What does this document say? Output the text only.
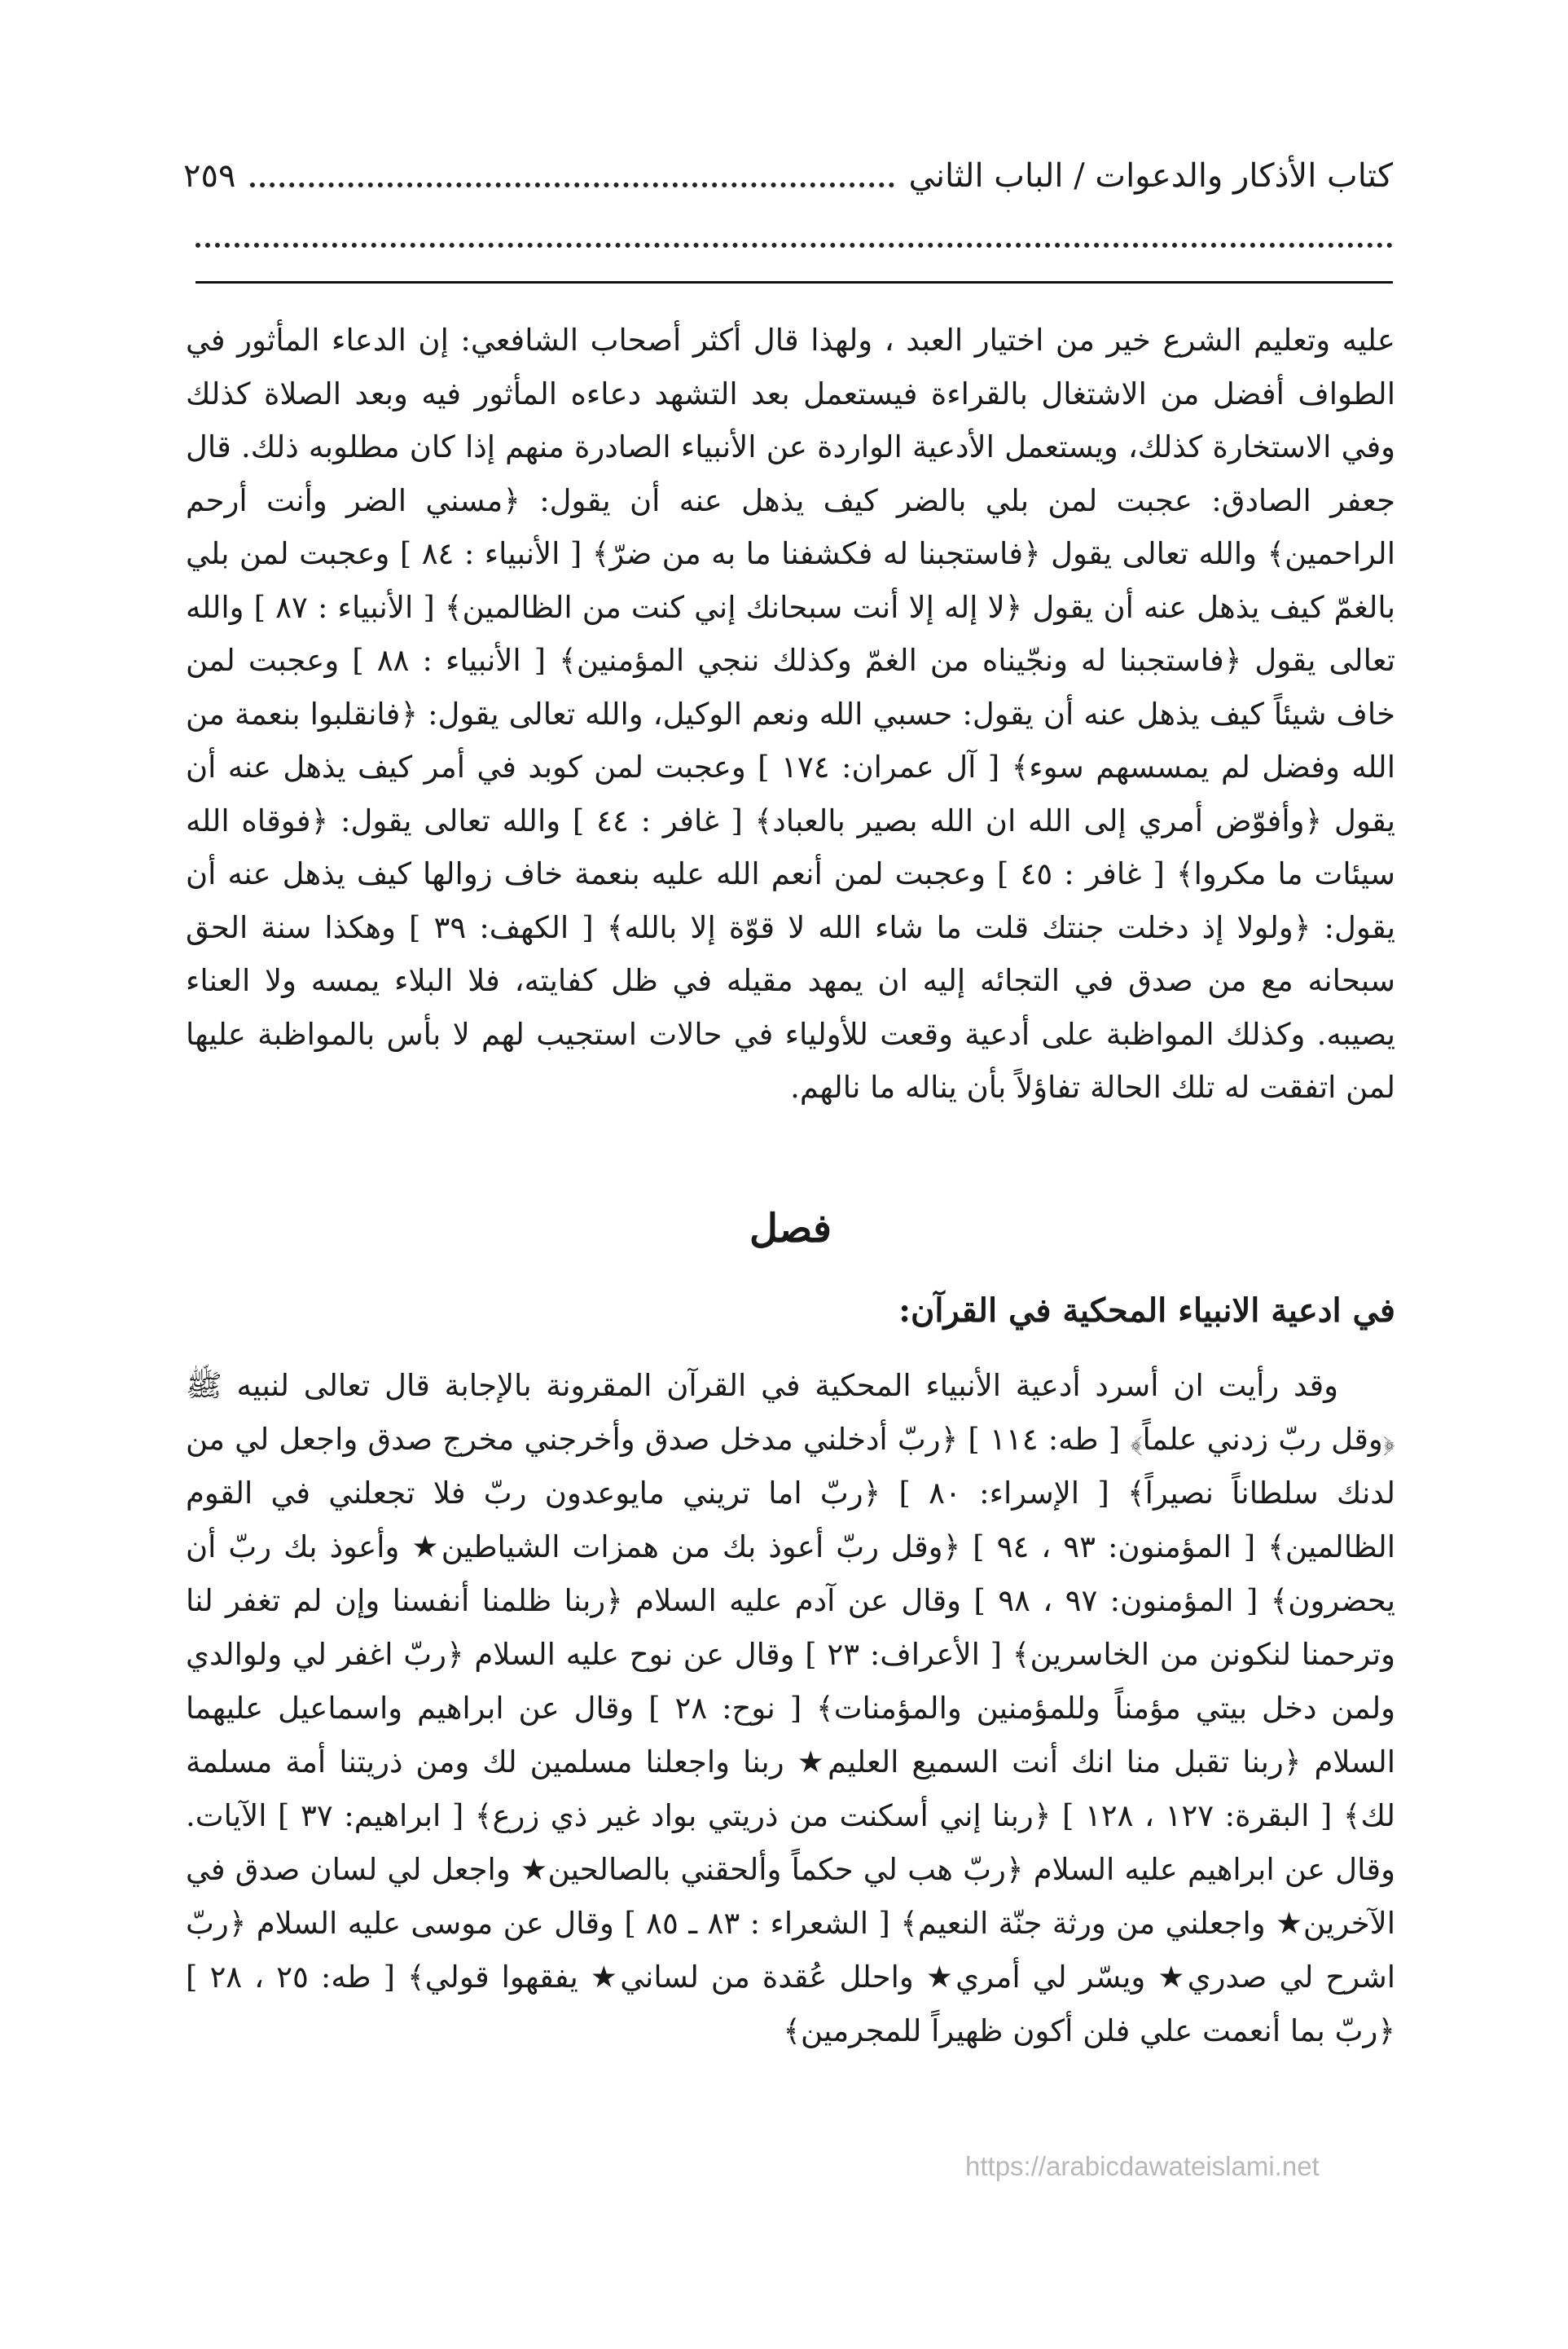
كتاب الأذكار والدعوات / الباب الثاني
٢٥٩

عليه وتعليم الشرع خير من اختيار العبد ، ولهذا قال أكثر أصحاب الشافعي: إن الدعاء المأثور في الطواف أفضل من الاشتغال بالقراءة فيستعمل بعد التشهد دعاءه المأثور فيه وبعد الصلاة كذلك وفي الاستخارة كذلك، ويستعمل الأدعية الواردة عن الأنبياء الصادرة منهم إذا كان مطلوبه ذلك. قال جعفر الصادق: عجبت لمن بلي بالضر كيف يذهل عنه أن يقول: ﴿مسني الضر وأنت أرحم الراحمين﴾ والله تعالى يقول ﴿فاستجبنا له فكشفنا ما به من ضرّ﴾ [ الأنبياء : ٨٤ ] وعجبت لمن بلي بالغمّ كيف يذهل عنه أن يقول ﴿لا إله إلا أنت سبحانك إني كنت من الظالمين﴾ [ الأنبياء : ٨٧ ] والله تعالى يقول ﴿فاستجبنا له ونجّيناه من الغمّ وكذلك ننجي المؤمنين﴾ [ الأنبياء : ٨٨ ] وعجبت لمن خاف شيئاً كيف يذهل عنه أن يقول: حسبي الله ونعم الوكيل، والله تعالى يقول: ﴿فانقلبوا بنعمة من الله وفضل لم يمسسهم سوء﴾ [ آل عمران: ١٧٤ ] وعجبت لمن كوبد في أمر كيف يذهل عنه أن يقول ﴿وأفوّض أمري إلى الله ان الله بصير بالعباد﴾ [ غافر : ٤٤ ] والله تعالى يقول: ﴿فوقاه الله سيئات ما مكروا﴾ [ غافر : ٤٥ ] وعجبت لمن أنعم الله عليه بنعمة خاف زوالها كيف يذهل عنه أن يقول: ﴿ولولا إذ دخلت جنتك قلت ما شاء الله لا قوّة إلا بالله﴾ [ الكهف: ٣٩ ] وهكذا سنة الحق سبحانه مع من صدق في التجائه إليه ان يمهد مقيله في ظل كفايته، فلا البلاء يمسه ولا العناء يصيبه. وكذلك المواظبة على أدعية وقعت للأولياء في حالات استجيب لهم لا بأس بالمواظبة عليها لمن اتفقت له تلك الحالة تفاؤلاً بأن يناله ما نالهم.

فصل
في ادعية الانبياء المحكية في القرآن:

وقد رأيت ان أسرد أدعية الأنبياء المحكية في القرآن المقرونة بالإجابة قال تعالى لنبيه ﷺ ﴿وقل ربّ زدني علماً﴾ [ طه: ١١٤ ] ﴿ربّ أدخلني مدخل صدق وأخرجني مخرج صدق واجعل لي من لدنك سلطاناً نصيراً﴾ [ الإسراء: ٨٠ ] ﴿ربّ اما تريني مايوعدون ربّ فلا تجعلني في القوم الظالمين﴾ [ المؤمنون: ٩٣ ، ٩٤ ] ﴿وقل ربّ أعوذ بك من همزات الشياطين★ وأعوذ بك ربّ أن يحضرون﴾ [ المؤمنون: ٩٧ ، ٩٨ ] وقال عن آدم عليه السلام ﴿ربنا ظلمنا أنفسنا وإن لم تغفر لنا وترحمنا لنكونن من الخاسرين﴾ [ الأعراف: ٢٣ ] وقال عن نوح عليه السلام ﴿ربّ اغفر لي ولوالدي ولمن دخل بيتي مؤمناً وللمؤمنين والمؤمنات﴾ [ نوح: ٢٨ ] وقال عن ابراهيم واسماعيل عليهما السلام ﴿ربنا تقبل منا انك أنت السميع العليم★ ربنا واجعلنا مسلمين لك ومن ذريتنا أمة مسلمة لك﴾ [ البقرة: ١٢٧ ، ١٢٨ ] ﴿ربنا إني أسكنت من ذريتي بواد غير ذي زرع﴾ [ ابراهيم: ٣٧ ] الآيات. وقال عن ابراهيم عليه السلام ﴿ربّ هب لي حكماً وألحقني بالصالحين★ واجعل لي لسان صدق في الآخرين★ واجعلني من ورثة جنّة النعيم﴾ [ الشعراء : ٨٣ ـ ٨٥ ] وقال عن موسى عليه السلام ﴿ربّ اشرح لي صدري★ ويسّر لي أمري★ واحلل عُقدة من لساني★ يفقهوا قولي﴾ [ طه: ٢٥ ، ٢٨ ] ﴿ربّ بما أنعمت علي فلن أكون ظهيراً للمجرمين﴾

https://arabicdawateislami.net
